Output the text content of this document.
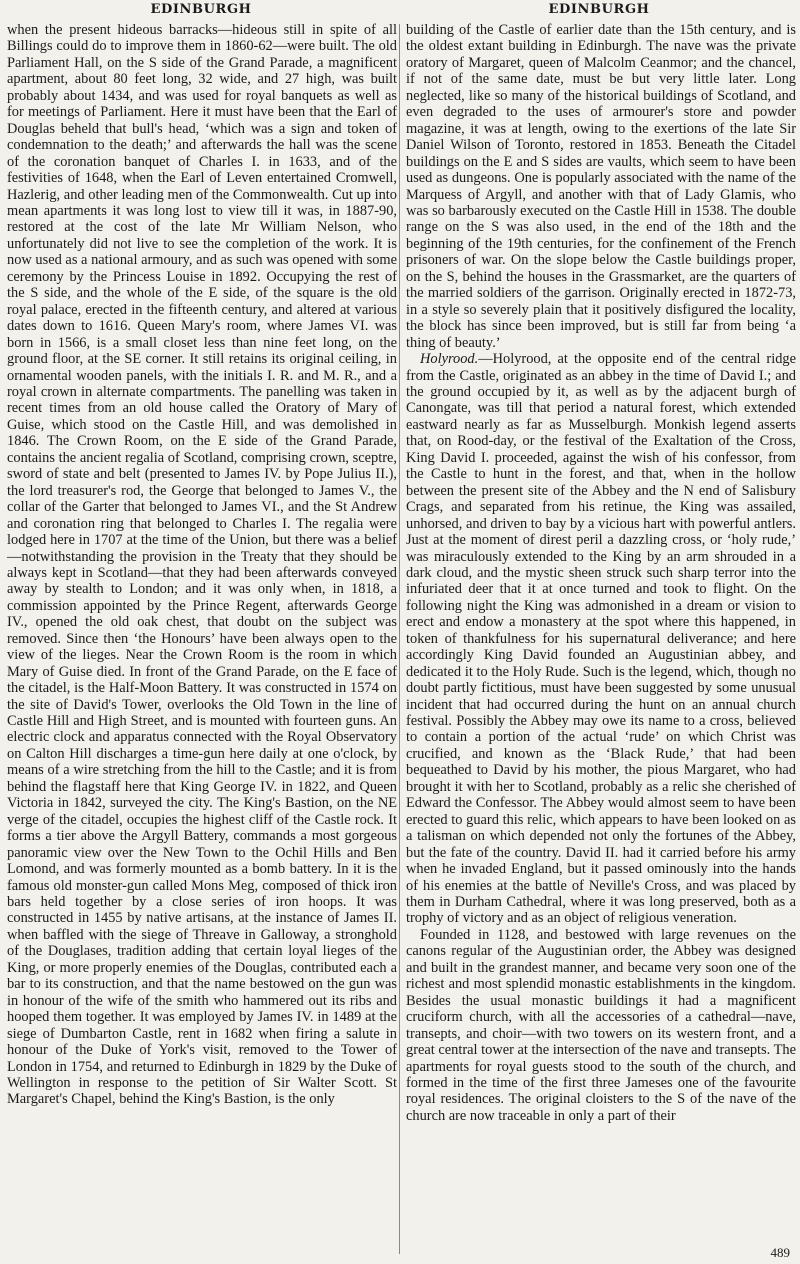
EDINBURGH	EDINBURGH

when the present hideous barracks—hideous still in spite of all Billings could do to improve them in 1860-62—were built. The old Parliament Hall, on the S side of the Grand Parade, a magnificent apartment, about 80 feet long, 32 wide, and 27 high, was built probably about 1434, and was used for royal banquets as well as for meetings of Parliament. Here it must have been that the Earl of Douglas beheld that bull's head, ‘which was a sign and token of condemnation to the death;’ and afterwards the hall was the scene of the coronation banquet of Charles I. in 1633, and of the festivities of 1648, when the Earl of Leven entertained Cromwell, Hazlerig, and other leading men of the Commonwealth. Cut up into mean apartments it was long lost to view till it was, in 1887-90, restored at the cost of the late Mr William Nelson, who unfortunately did not live to see the completion of the work. It is now used as a national armoury, and as such was opened with some ceremony by the Princess Louise in 1892. Occupying the rest of the S side, and the whole of the E side, of the square is the old royal palace, erected in the fifteenth century, and altered at various dates down to 1616. Queen Mary's room, where James VI. was born in 1566, is a small closet less than nine feet long, on the ground floor, at the SE corner. It still retains its original ceiling, in ornamental wooden panels, with the initials I. R. and M. R., and a royal crown in alternate compartments. The panelling was taken in recent times from an old house called the Oratory of Mary of Guise, which stood on the Castle Hill, and was demolished in 1846. The Crown Room, on the E side of the Grand Parade, contains the ancient regalia of Scotland, comprising crown, sceptre, sword of state and belt (presented to James IV. by Pope Julius II.), the lord treasurer's rod, the George that belonged to James V., the collar of the Garter that belonged to James VI., and the St Andrew and coronation ring that belonged to Charles I. The regalia were lodged here in 1707 at the time of the Union, but there was a belief—notwithstanding the provision in the Treaty that they should be always kept in Scotland—that they had been afterwards conveyed away by stealth to London; and it was only when, in 1818, a commission appointed by the Prince Regent, afterwards George IV., opened the old oak chest, that doubt on the subject was removed. Since then ‘the Honours’ have been always open to the view of the lieges. Near the Crown Room is the room in which Mary of Guise died. In front of the Grand Parade, on the E face of the citadel, is the Half-Moon Battery. It was constructed in 1574 on the site of David's Tower, overlooks the Old Town in the line of Castle Hill and High Street, and is mounted with fourteen guns. An electric clock and apparatus connected with the Royal Observatory on Calton Hill discharges a time-gun here daily at one o'clock, by means of a wire stretching from the hill to the Castle; and it is from behind the flagstaff here that King George IV. in 1822, and Queen Victoria in 1842, surveyed the city. The King's Bastion, on the NE verge of the citadel, occupies the highest cliff of the Castle rock. It forms a tier above the Argyll Battery, commands a most gorgeous panoramic view over the New Town to the Ochil Hills and Ben Lomond, and was formerly mounted as a bomb battery. In it is the famous old monster-gun called Mons Meg, composed of thick iron bars held together by a close series of iron hoops. It was constructed in 1455 by native artisans, at the instance of James II. when baffled with the siege of Threave in Galloway, a stronghold of the Douglases, tradition adding that certain loyal lieges of the King, or more properly enemies of the Douglas, contributed each a bar to its construction, and that the name bestowed on the gun was in honour of the wife of the smith who hammered out its ribs and hooped them together. It was employed by James IV. in 1489 at the siege of Dumbarton Castle, rent in 1682 when firing a salute in honour of the Duke of York's visit, removed to the Tower of London in 1754, and returned to Edinburgh in 1829 by the Duke of Wellington in response to the petition of Sir Walter Scott. St Margaret's Chapel, behind the King's Bastion, is the only

building of the Castle of earlier date than the 15th century, and is the oldest extant building in Edinburgh. The nave was the private oratory of Margaret, queen of Malcolm Ceanmor; and the chancel, if not of the same date, must be but very little later. Long neglected, like so many of the historical buildings of Scotland, and even degraded to the uses of armourer's store and powder magazine, it was at length, owing to the exertions of the late Sir Daniel Wilson of Toronto, restored in 1853. Beneath the Citadel buildings on the E and S sides are vaults, which seem to have been used as dungeons. One is popularly associated with the name of the Marquess of Argyll, and another with that of Lady Glamis, who was so barbarously executed on the Castle Hill in 1538. The double range on the S was also used, in the end of the 18th and the beginning of the 19th centuries, for the confinement of the French prisoners of war. On the slope below the Castle buildings proper, on the S, behind the houses in the Grassmarket, are the quarters of the married soldiers of the garrison. Originally erected in 1872-73, in a style so severely plain that it positively disfigured the locality, the block has since been improved, but is still far from being ‘a thing of beauty.’

Holyrood.—Holyrood, at the opposite end of the central ridge from the Castle, originated as an abbey in the time of David I.; and the ground occupied by it, as well as by the adjacent burgh of Canongate, was till that period a natural forest, which extended eastward nearly as far as Musselburgh. Monkish legend asserts that, on Rood-day, or the festival of the Exaltation of the Cross, King David I. proceeded, against the wish of his confessor, from the Castle to hunt in the forest, and that, when in the hollow between the present site of the Abbey and the N end of Salisbury Crags, and separated from his retinue, the King was assailed, unhorsed, and driven to bay by a vicious hart with powerful antlers. Just at the moment of direst peril a dazzling cross, or ‘holy rude,’ was miraculously extended to the King by an arm shrouded in a dark cloud, and the mystic sheen struck such sharp terror into the infuriated deer that it at once turned and took to flight. On the following night the King was admonished in a dream or vision to erect and endow a monastery at the spot where this happened, in token of thankfulness for his supernatural deliverance; and here accordingly King David founded an Augustinian abbey, and dedicated it to the Holy Rude. Such is the legend, which, though no doubt partly fictitious, must have been suggested by some unusual incident that had occurred during the hunt on an annual church festival. Possibly the Abbey may owe its name to a cross, believed to contain a portion of the actual ‘rude’ on which Christ was crucified, and known as the ‘Black Rude,’ that had been bequeathed to David by his mother, the pious Margaret, who had brought it with her to Scotland, probably as a relic she cherished of Edward the Confessor. The Abbey would almost seem to have been erected to guard this relic, which appears to have been looked on as a talisman on which depended not only the fortunes of the Abbey, but the fate of the country. David II. had it carried before his army when he invaded England, but it passed ominously into the hands of his enemies at the battle of Neville's Cross, and was placed by them in Durham Cathedral, where it was long preserved, both as a trophy of victory and as an object of religious veneration.

Founded in 1128, and bestowed with large revenues on the canons regular of the Augustinian order, the Abbey was designed and built in the grandest manner, and became very soon one of the richest and most splendid monastic establishments in the kingdom. Besides the usual monastic buildings it had a magnificent cruciform church, with all the accessories of a cathedral—nave, transepts, and choir—with two towers on its western front, and a great central tower at the intersection of the nave and transepts. The apartments for royal guests stood to the south of the church, and formed in the time of the first three Jameses one of the favourite royal residences. The original cloisters to the S of the nave of the church are now traceable in only a part of their

489
